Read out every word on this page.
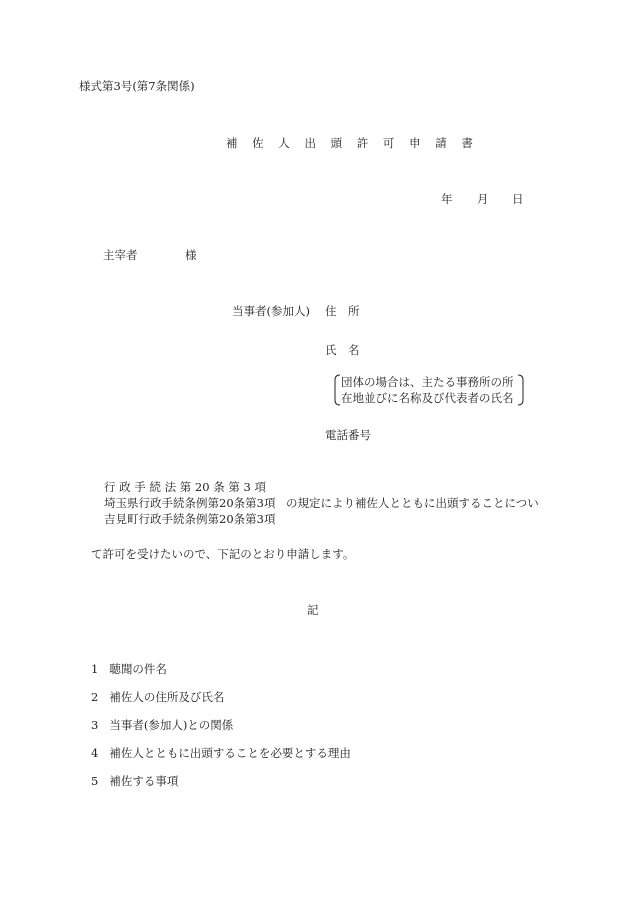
様式第3号(第7条関係)
補 佐 人 出 頭 許 可 申 請 書
年 月 日
主宰者	様
当事者(参加人) 住　所
氏　名
団体の場合は、主たる事務所の所
在地並びに名称及び代表者の氏名
電話番号
行 政 手 続 法 第 20 条 第 3 項
埼玉県行政手続条例第20条第3項
吉見町行政手続条例第20条第3項
の規定により補佐人とともに出頭することについ
て許可を受けたいので、下記のとおり申請します。
記
1 聴聞の件名
2 補佐人の住所及び氏名
3 当事者(参加人)との関係
4 補佐人とともに出頭することを必要とする理由
5 補佐する事項
